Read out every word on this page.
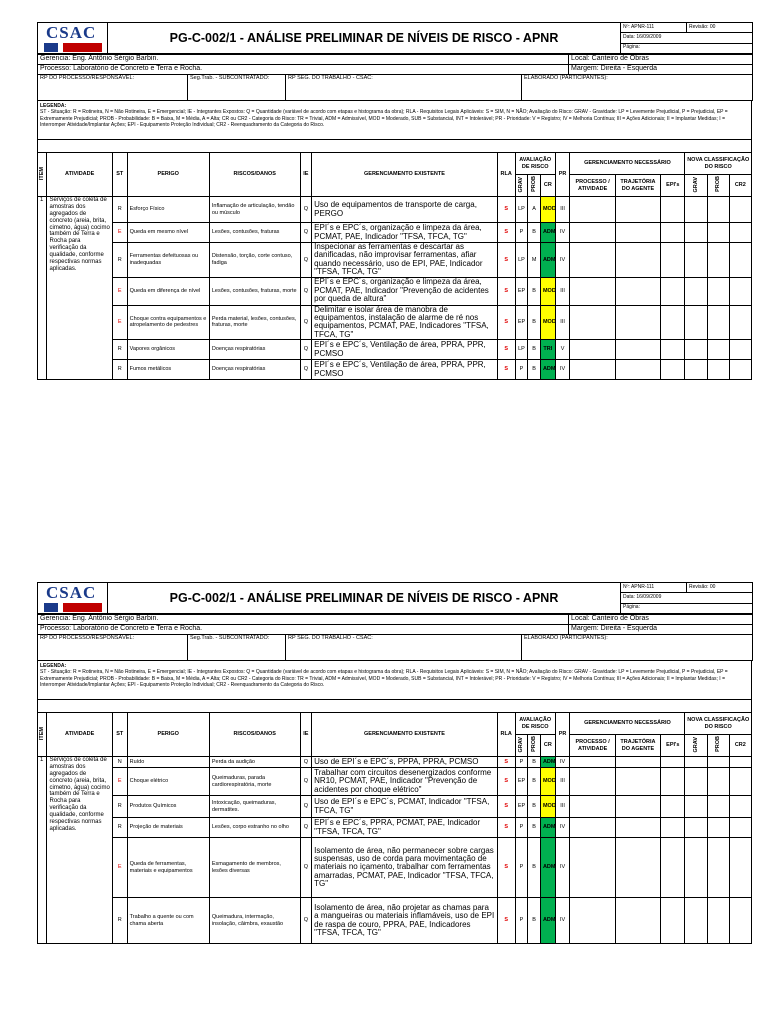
CSAC	PG-C-002/1 - ANÁLISE PRELIMINAR DE NÍVEIS DE RISCO - APNR	Nº: APNR-111	Revisão: 00
Data: 16/09/2009
Página:
Gerencia: Eng. Antônio Sérgio Barbin.				Local: Canteiro de Obras
Processo: Laboratório de Concreto e Terra e Rocha.				Margem: Direita - Esquerda
RP DO PROCESSO/RESPONSÁVEL:	Seg.Trab. - SUBCONTRATADO:	RP SEG. DO TRABALHO - CSAC:	ELABORADO (PARTICIPANTES):	
LEGENDA:
ST - Situação: R = Rotineira, N = Não Rotineira, E = Emergencial; IE - Integrantes Expostos: Q = Quantidade (variável de acordo com etapas e histograma da obra); RLA - Requisitos Legais Aplicáveis: S = SIM, N = NÃO; Avaliação do Risco: GRAV - Gravidade: LP = Levemente Prejudicial, P = Prejudicial, EP = Extremamente Prejudicial; PROB - Probabilidade: B = Baixa, M = Média, A = Alta; CR ou CR2 - Categoria do Risco: TR = Trivial, ADM = Admissível, MOD = Moderado, SUB = Substancial, INT = Intolerável; PR - Prioridade: V = Registro; IV = Melhoria Contínua; III = Ações Adicionais; II = Implantar Medidas; I = Interromper Atividade/Implantar Ações; EPI - Equipamento Proteção Individual; CR2 - Reenquadramento da Categoria do Risco.
ITEM	ATIVIDADE	ST	PERIGO	RISCOS/DANOS	IE	GERENCIAMENTO EXISTENTE	RLA	AVALIAÇÃO DE RISCO			PR	GERENCIAMENTO NECESSÁRIO			NOVA CLASSIFICAÇÃO DO RISCO		
								GRAV	PROB	CR		PROCESSO / ATIVIDADE	TRAJETÓRIA DO AGENTE	EPI's	GRAV	PROB	CR2
1	Serviços de coleta de amostras dos agregados de concreto (areia, brita, cimetno, água) cocimo também de Terra e Rocha para verificação da qualidade, conforme respectivas normas aplicadas.	R	Esforço Físico	Inflamação de articulação, tendão ou músculo	Q	Uso de equipamentos de transporte de carga, PERGO	S	LP	A	MOD	III						
		E	Queda em mesmo nível	Lesões, contusões, fraturas	Q	EPI´s e EPC´s, organização e limpeza da área, PCMAT, PAE, Indicador "TFSA, TFCA, TG"	S	P	B	ADM	IV						
		R	Ferramentas defeituosas ou inadequadas	Distensão, torção, corte contuso, fadiga	Q	Inspecionar as ferramentas e descartar as danificadas, não improvisar ferramentas, afiar quando necessário, uso de EPI, PAE, Indicador "TFSA, TFCA, TG"	S	LP	M	ADM	IV						
		E	Queda em diferença de nível	Lesões, contusões, fraturas, morte	Q	EPI´s e EPC´s, organização e limpeza da área, PCMAT, PAE, Indicador "Prevenção de acidentes por queda de altura"	S	EP	B	MOD	III						
		E	Choque contra equipamentos e atropelamento de pedestres	Perda material, lesões, contusões, fraturas, morte	Q	Delimitar e isolar área de manobra de equipamentos, instalação de alarme de ré nos equipamentos, PCMAT, PAE, Indicadores "TFSA, TFCA, TG"	S	EP	B	MOD	III						
		R	Vapores orgânicos	Doenças respiratórias	Q	EPI´s e EPC´s, Ventilação de área, PPRA, PPR, PCMSO	S	LP	B	TRI	V						
		R	Fumos metálicos	Doenças respiratórias	Q	EPI´s e EPC´s, Ventilação de área, PPRA, PPR, PCMSO	S	P	B	ADM	IV						
CSAC	PG-C-002/1 - ANÁLISE PRELIMINAR DE NÍVEIS DE RISCO - APNR	Nº: APNR-111	Revisão: 00
Data: 16/09/2009
Página:
Gerencia: Eng. Antônio Sérgio Barbin.				Local: Canteiro de Obras
Processo: Laboratório de Concreto e Terra e Rocha.				Margem: Direita - Esquerda
RP DO PROCESSO/RESPONSÁVEL:	Seg.Trab. - SUBCONTRATADO:	RP SEG. DO TRABALHO - CSAC:	ELABORADO (PARTICIPANTES):	
LEGENDA:
ST - Situação: R = Rotineira, N = Não Rotineira, E = Emergencial; IE - Integrantes Expostos: Q = Quantidade (variável de acordo com etapas e histograma da obra); RLA - Requisitos Legais Aplicáveis: S = SIM, N = NÃO; Avaliação do Risco: GRAV - Gravidade: LP = Levemente Prejudicial, P = Prejudicial, EP = Extremamente Prejudicial; PROB - Probabilidade: B = Baixa, M = Média, A = Alta; CR ou CR2 - Categoria do Risco: TR = Trivial, ADM = Admissível, MOD = Moderado, SUB = Substancial, INT = Intolerável; PR - Prioridade: V = Registro; IV = Melhoria Contínua; III = Ações Adicionais; II = Implantar Medidas; I = Interromper Atividade/Implantar Ações; EPI - Equipamento Proteção Individual; CR2 - Reenquadramento da Categoria do Risco.
ITEM	ATIVIDADE	ST	PERIGO	RISCOS/DANOS	IE	GERENCIAMENTO EXISTENTE	RLA	AVALIAÇÃO DE RISCO			PR	GERENCIAMENTO NECESSÁRIO			NOVA CLASSIFICAÇÃO DO RISCO		
								GRAV	PROB	CR		PROCESSO / ATIVIDADE	TRAJETÓRIA DO AGENTE	EPI's	GRAV	PROB	CR2
1	Serviços de coleta de amostras dos agregados de concreto (areia, brita, cimetno, água) cocimo também de Terra e Rocha para verificação da qualidade, conforme respectivas normas aplicadas.	N	Ruído	Perda da audição	Q	Uso de EPI´s e EPC´s, PPPA, PPRA, PCMSO	S	P	B	ADM	IV						
		E	Choque elétrico	Queimaduras, parada cardiorespiratória, morte	Q	Trabalhar com circuitos desenergizados conforme NR10, PCMAT, PAE, Indicador "Prevenção de acidentes por choque elétrico"	S	EP	B	MOD	III						
		R	Produtos Químicos	Intoxicação, queimaduras, dermatites.	Q	Uso de EPI´s e EPC´s, PCMAT, Indicador "TFSA, TFCA, TG"	S	EP	B	MOD	III						
		R	Projeção de materiais	Lesões, corpo estranho no olho	Q	EPI´s e EPC´s, PPRA, PCMAT, PAE, Indicador "TFSA, TFCA, TG"	S	P	B	ADM	IV						
		E	Queda de ferramentas, materiais e equipamentos	Esmagamento de membros, lesões diversas	Q	Isolamento de área, não permanecer sobre cargas suspensas, uso de corda para movimentação de materiais no içamento, trabalhar com ferramentas amarradas, PCMAT, PAE, Indicador "TFSA, TFCA, TG"	S	P	B	ADM	IV						
		R	Trabalho a quente ou com chama aberta	Queimadura, intermação, insolação, câimbra, exaustão	Q	Isolamento de área, não projetar as chamas para a mangueiras ou materiais inflamáveis, uso de EPI de raspa de couro, PPRA, PAE, Indicadores "TFSA, TFCA, TG"	S	P	B	ADM	IV						
